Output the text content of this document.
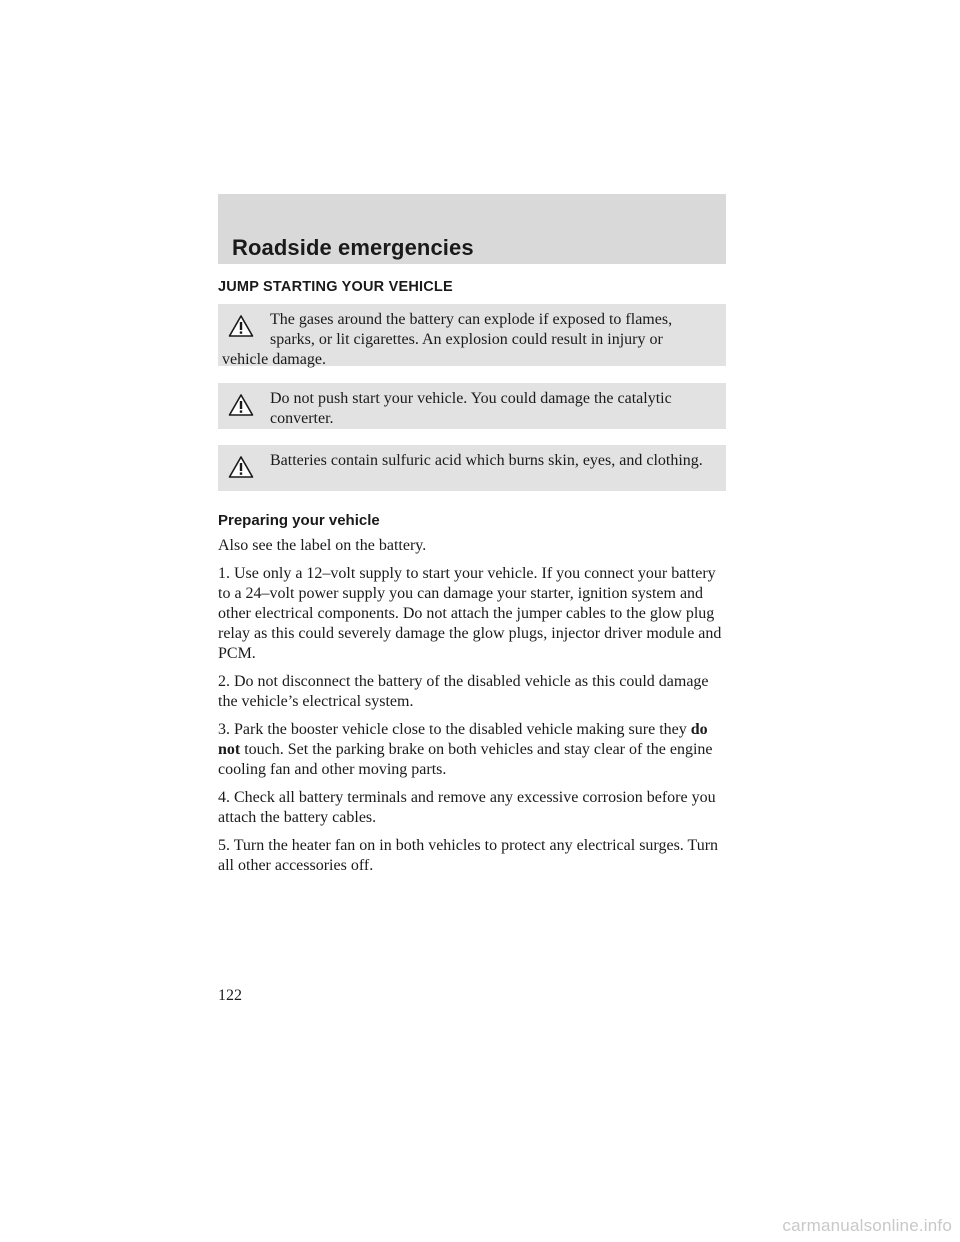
Roadside emergencies
JUMP STARTING YOUR VEHICLE
The gases around the battery can explode if exposed to flames, sparks, or lit cigarettes. An explosion could result in injury or vehicle damage.
Do not push start your vehicle. You could damage the catalytic converter.
Batteries contain sulfuric acid which burns skin, eyes, and clothing.
Preparing your vehicle

Also see the label on the battery.

1. Use only a 12–volt supply to start your vehicle. If you connect your battery to a 24–volt power supply you can damage your starter, ignition system and other electrical components. Do not attach the jumper cables to the glow plug relay as this could severely damage the glow plugs, injector driver module and PCM.

2. Do not disconnect the battery of the disabled vehicle as this could damage the vehicle’s electrical system.

3. Park the booster vehicle close to the disabled vehicle making sure they do not touch. Set the parking brake on both vehicles and stay clear of the engine cooling fan and other moving parts.

4. Check all battery terminals and remove any excessive corrosion before you attach the battery cables.

5. Turn the heater fan on in both vehicles to protect any electrical surges. Turn all other accessories off.

122
carmanualsonline.info
